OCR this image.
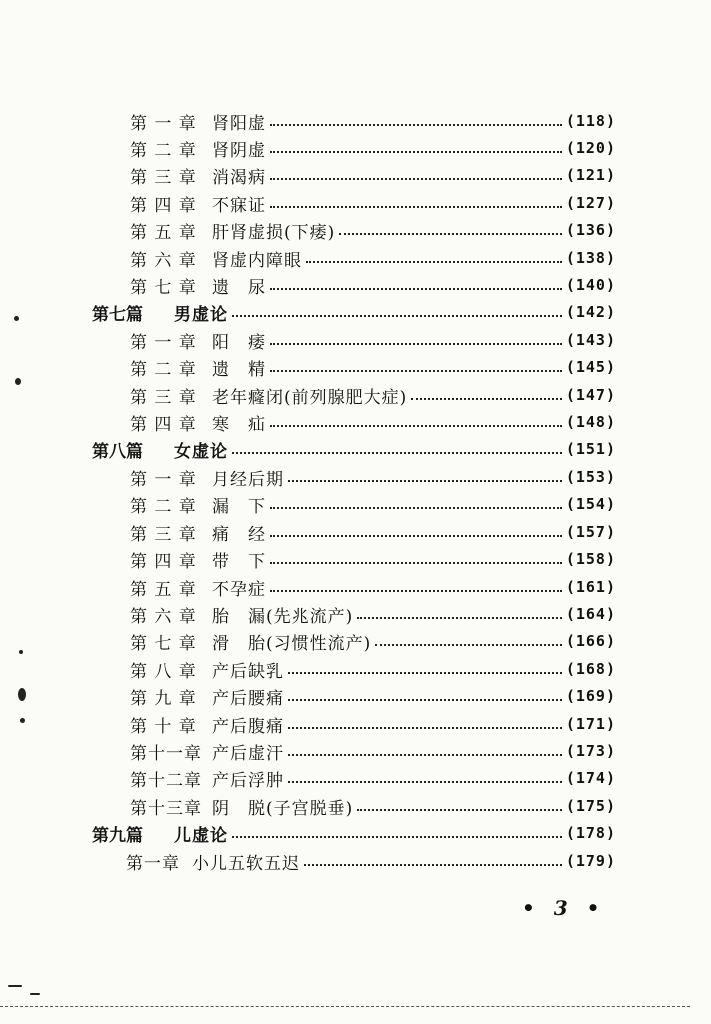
第 一 章 肾阳虚	(118)
第 二 章 肾阴虚	(120)
第 三 章 消渴病	(121)
第 四 章 不寐证	(127)
第 五 章 肝肾虚损(下痿)	(136)
第 六 章 肾虚内障眼	(138)
第 七 章 遗　尿	(140)
第七篇	男虚论	(142)
第 一 章 阳　痿	(143)
第 二 章 遗　精	(145)
第 三 章 老年癃闭(前列腺肥大症)	(147)
第 四 章 寒　疝	(148)
第八篇	女虚论	(151)
第 一 章 月经后期	(153)
第 二 章 漏　下	(154)
第 三 章 痛　经	(157)
第 四 章 带　下	(158)
第 五 章 不孕症	(161)
第 六 章 胎　漏(先兆流产)	(164)
第 七 章 滑　胎(习惯性流产)	(166)
第 八 章 产后缺乳	(168)
第 九 章 产后腰痛	(169)
第 十 章 产后腹痛	(171)
第十一章 产后虚汗	(173)
第十二章 产后浮肿	(174)
第十三章 阴　脱(子宫脱垂)	(175)
第九篇	儿虚论	(178)
第一章 小儿五软五迟	(179)
• 3 •
